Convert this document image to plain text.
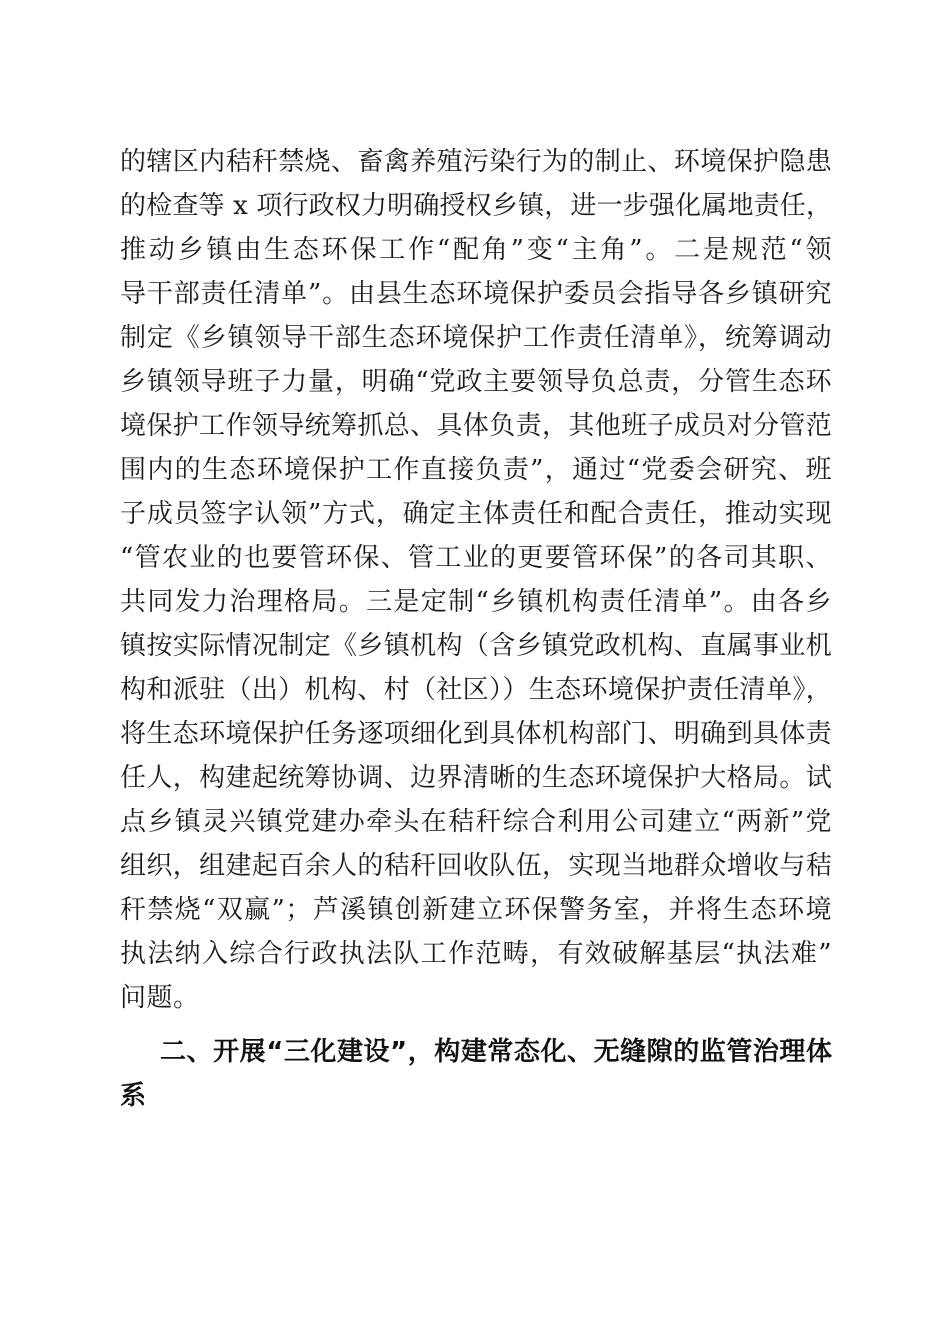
的辖区内秸秆禁烧、畜禽养殖污染行为的制止、环境保护隐患
的检查等 x 项行政权力明确授权乡镇，进一步强化属地责任，
推动乡镇由生态环保工作“配角”变“主角”。二是规范“领
导干部责任清单”。由县生态环境保护委员会指导各乡镇研究
制定《乡镇领导干部生态环境保护工作责任清单》，统筹调动
乡镇领导班子力量，明确“党政主要领导负总责，分管生态环
境保护工作领导统筹抓总、具体负责，其他班子成员对分管范
围内的生态环境保护工作直接负责”，通过“党委会研究、班
子成员签字认领”方式，确定主体责任和配合责任，推动实现
“管农业的也要管环保、管工业的更要管环保”的各司其职、
共同发力治理格局。三是定制“乡镇机构责任清单”。由各乡
镇按实际情况制定《乡镇机构（含乡镇党政机构、直属事业机
构和派驻（出）机构、村（社区））生态环境保护责任清单》，
将生态环境保护任务逐项细化到具体机构部门、明确到具体责
任人，构建起统筹协调、边界清晰的生态环境保护大格局。试
点乡镇灵兴镇党建办牵头在秸秆综合利用公司建立“两新”党
组织，组建起百余人的秸秆回收队伍，实现当地群众增收与秸
秆禁烧“双赢”；芦溪镇创新建立环保警务室，并将生态环境
执法纳入综合行政执法队工作范畴，有效破解基层“执法难”
问题。
二、开展“三化建设”，构建常态化、无缝隙的监管治理体
系
